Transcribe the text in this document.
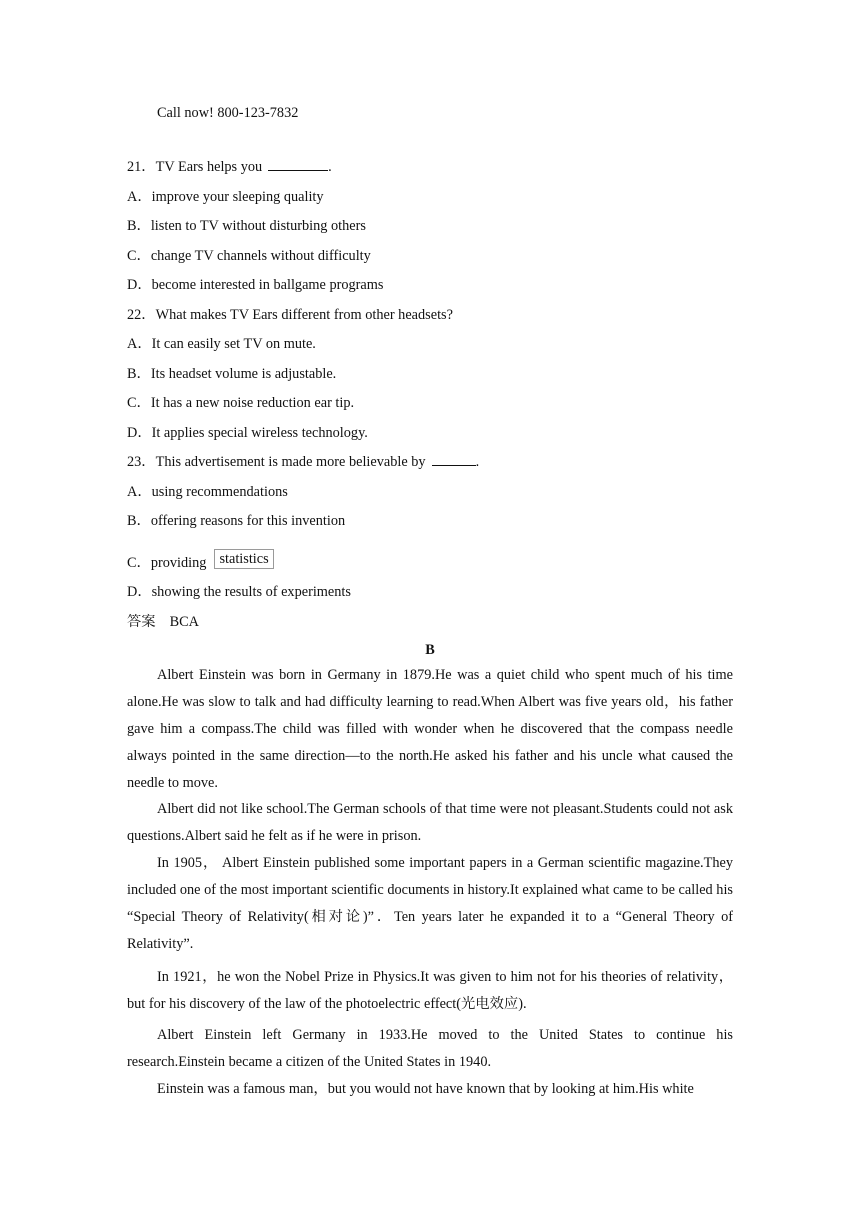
Call now! 800-123-7832
21．TV Ears helps you	.
A．improve your sleeping quality
B．listen to TV without disturbing others
C．change TV channels without difficulty
D．become interested in ballgame programs
22．What makes TV Ears different from other headsets?
A．It can easily set TV on mute.
B．Its headset volume is adjustable.
C．It has a new noise reduction ear tip.
D．It applies special wireless technology.
23．This advertisement is made more believable by	.
A．using recommendations
B．offering reasons for this invention
C．providing statistics
D．showing the results of experiments
答案 BCA
B

Albert Einstein was born in Germany in 1879.He was a quiet child who spent much of his time alone.He was slow to talk and had difficulty learning to read.When Albert was five years old，his father gave him a compass.The child was filled with wonder when he discovered that the compass needle always pointed in the same direction—to the north.He asked his father and his uncle what caused the needle to move.

Albert did not like school.The German schools of that time were not pleasant.Students could not ask questions.Albert said he felt as if he were in prison.

In 1905， Albert Einstein published some important papers in a German scientific magazine.They included one of the most important scientific documents in history.It explained what came to be called his “Special Theory of Relativity(相对论)”．Ten years later he expanded it to a “General Theory of Relativity”.

In 1921，he won the Nobel Prize in Physics.It was given to him not for his theories of relativity，but for his discovery of the law of the photoelectric effect(光电效应).

Albert Einstein left Germany in 1933.He moved to the United States to continue his research.Einstein became a citizen of the United States in 1940.

Einstein was a famous man，but you would not have known that by looking at him.His white
